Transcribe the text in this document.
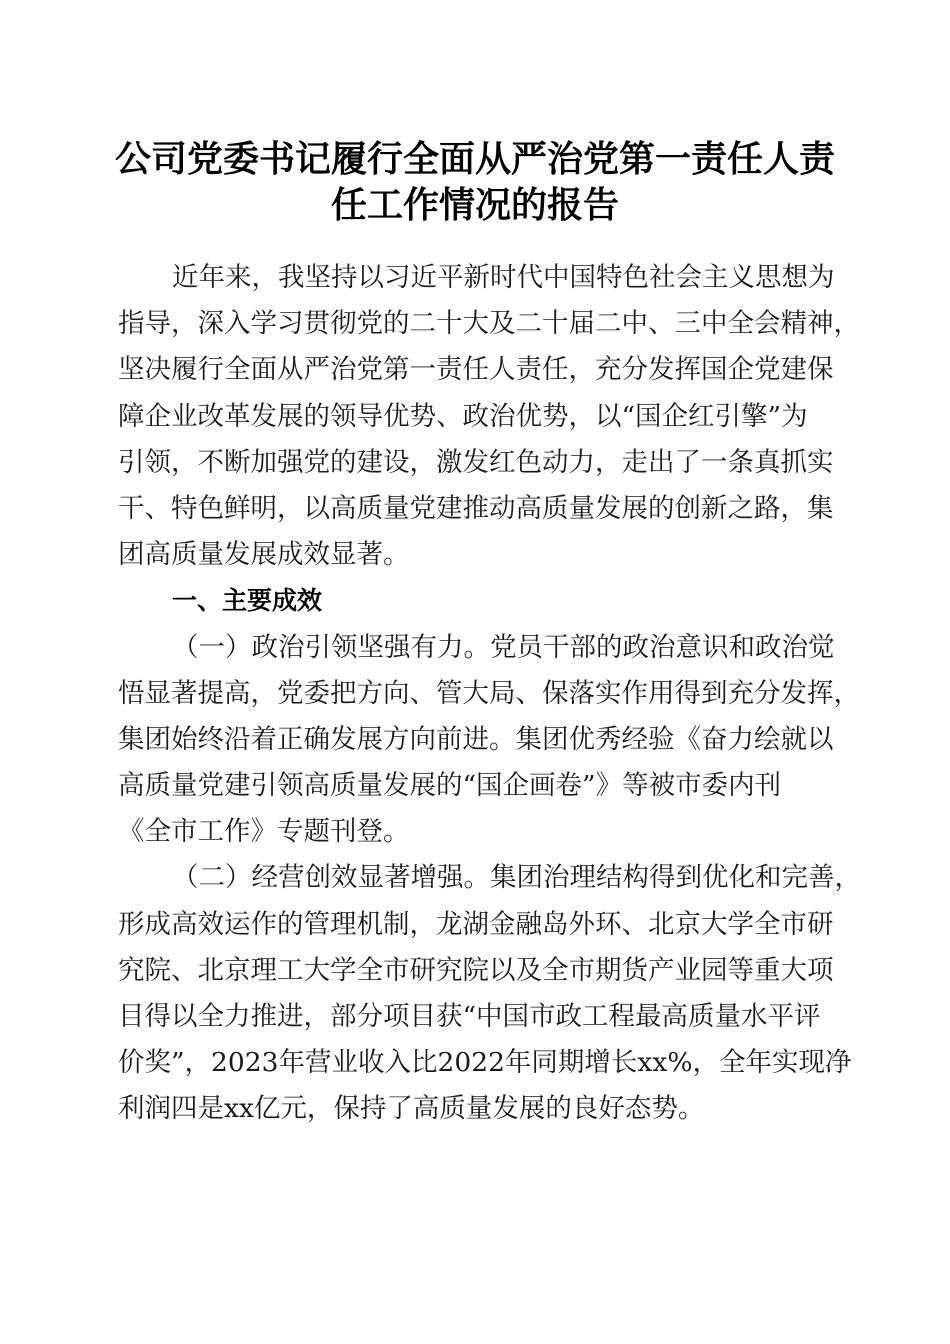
公司党委书记履行全面从严治党第一责任人责
任工作情况的报告
近年来，我坚持以习近平新时代中国特色社会主义思想为
指导，深入学习贯彻党的二十大及二十届二中、三中全会精神，
坚决履行全面从严治党第一责任人责任，充分发挥国企党建保
障企业改革发展的领导优势、政治优势，以“国企红引擎”为
引领，不断加强党的建设，激发红色动力，走出了一条真抓实
干、特色鲜明，以高质量党建推动高质量发展的创新之路，集
团高质量发展成效显著。
一、主要成效
（一）政治引领坚强有力。党员干部的政治意识和政治觉
悟显著提高，党委把方向、管大局、保落实作用得到充分发挥，
集团始终沿着正确发展方向前进。集团优秀经验《奋力绘就以
高质量党建引领高质量发展的“国企画卷”》等被市委内刊
《全市工作》专题刊登。
（二）经营创效显著增强。集团治理结构得到优化和完善，
形成高效运作的管理机制，龙湖金融岛外环、北京大学全市研
究院、北京理工大学全市研究院以及全市期货产业园等重大项
目得以全力推进，部分项目获“中国市政工程最高质量水平评
价奖”，2023年营业收入比2022年同期增长xx%，全年实现净
利润四是xx亿元，保持了高质量发展的良好态势。
